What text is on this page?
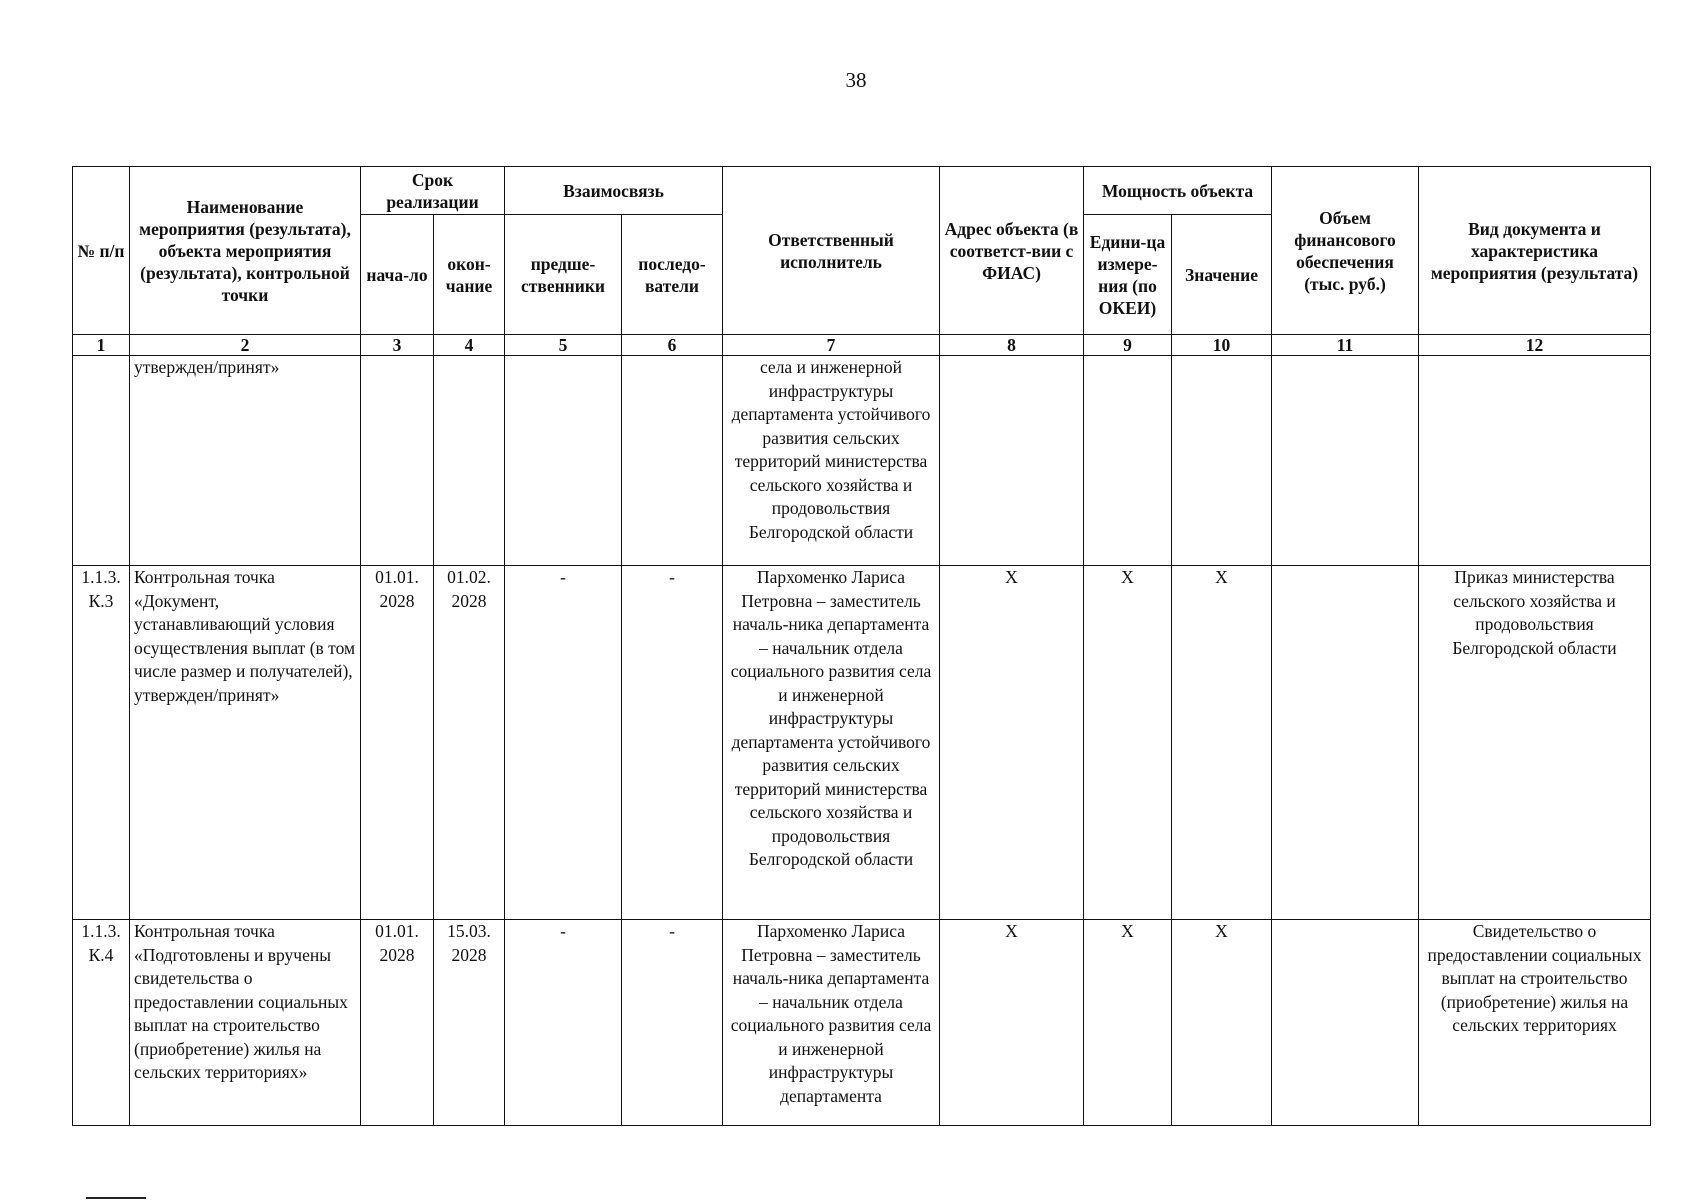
38
№ п/п	Наименование мероприятия (результата), объекта мероприятия (результата), контрольной точки	Срок реализации		Взаимосвязь		Ответственный исполнитель	Адрес объекта (в соответст-вии с ФИАС)	Мощность объекта		Объем финансового обеспечения (тыс. руб.)	Вид документа и характеристика мероприятия (результата)
		нача-ло	окон-чание	предше-ственники	последо-ватели			Едини-ца измере-ния (по ОКЕИ)	Значение		
1	2	3	4	5	6	7	8	9	10	11	12
	утвержден/принят»					села и инженерной инфраструктуры департамента устойчивого развития сельских территорий министерства сельского хозяйства и продовольствия Белгородской области					
1.1.3. К.3	Контрольная точка «Документ, устанавливающий условия осуществления выплат (в том числе размер и получателей), утвержден/принят»	01.01. 2028	01.02. 2028	-	-	Пархоменко Лариса Петровна – заместитель началь-ника департамента – начальник отдела социального развития села и инженерной инфраструктуры департамента устойчивого развития сельских территорий министерства сельского хозяйства и продовольствия Белгородской области	Х	Х	Х		Приказ министерства сельского хозяйства и продовольствия Белгородской области
1.1.3. К.4	Контрольная точка «Подготовлены и вручены свидетельства о предоставлении социальных выплат на строительство (приобретение) жилья на сельских территориях»	01.01. 2028	15.03. 2028	-	-	Пархоменко Лариса Петровна – заместитель началь-ника департамента – начальник отдела социального развития села и инженерной инфраструктуры департамента	Х	Х	Х		Свидетельство о предоставлении социальных выплат на строительство (приобретение) жилья на сельских территориях
